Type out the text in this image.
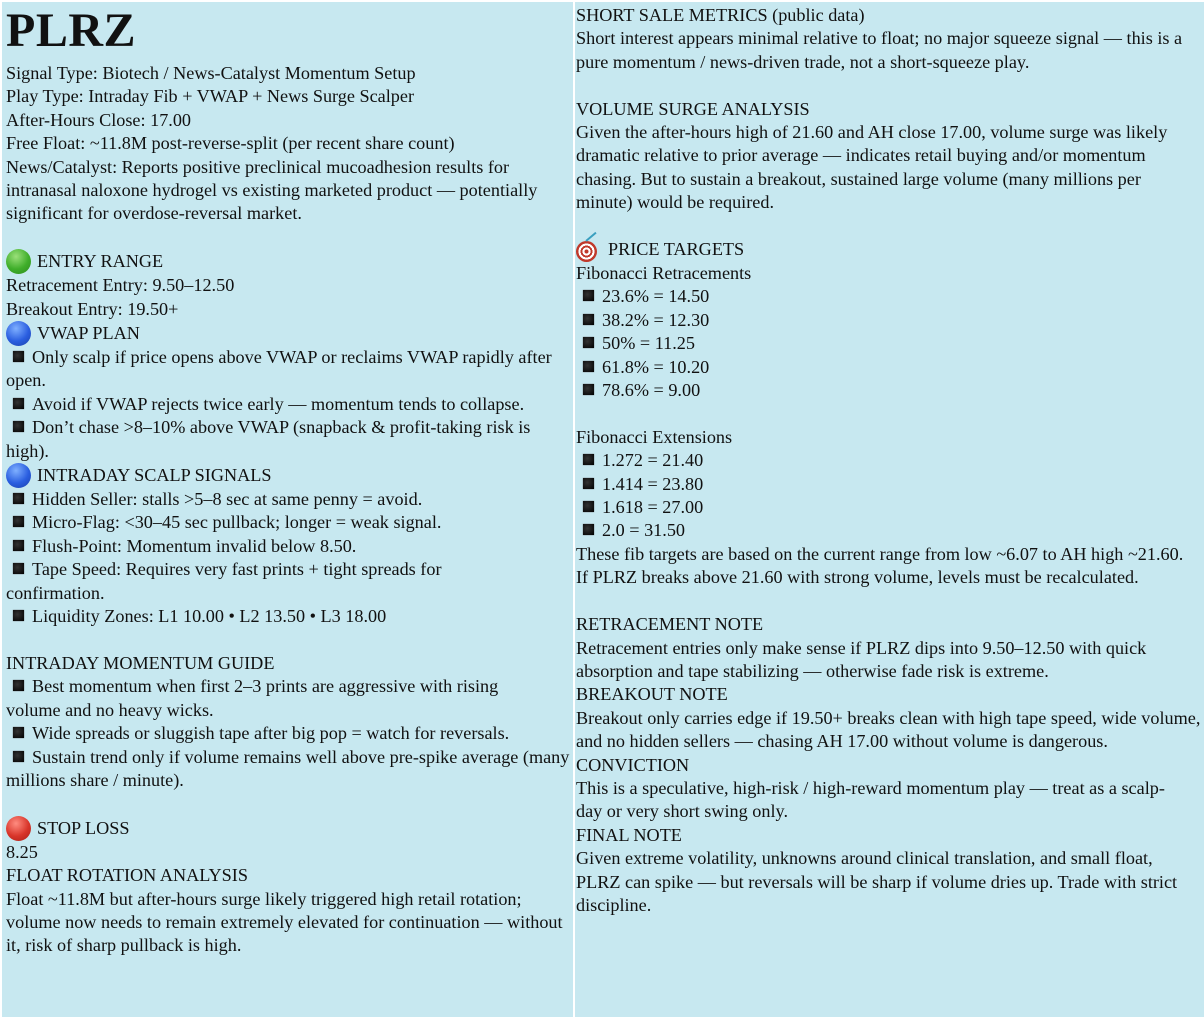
PLRZ
Signal Type: Biotech / News-Catalyst Momentum Setup
Play Type: Intraday Fib + VWAP + News Surge Scalper
After-Hours Close: 17.00
Free Float: ~11.8M post-reverse-split (per recent share count)
News/Catalyst: Reports positive preclinical mucoadhesion results for intranasal naloxone hydrogel vs existing marketed product — potentially significant for overdose-reversal market.
ENTRY RANGE
Retracement Entry: 9.50–12.50
Breakout Entry: 19.50+
VWAP PLAN
Only scalp if price opens above VWAP or reclaims VWAP rapidly after open.
Avoid if VWAP rejects twice early — momentum tends to collapse.
Don’t chase >8–10% above VWAP (snapback & profit-taking risk is high).
INTRADAY SCALP SIGNALS
Hidden Seller: stalls >5–8 sec at same penny = avoid.
Micro-Flag: <30–45 sec pullback; longer = weak signal.
Flush-Point: Momentum invalid below 8.50.
Tape Speed: Requires very fast prints + tight spreads for confirmation.
Liquidity Zones: L1 10.00 • L2 13.50 • L3 18.00
INTRADAY MOMENTUM GUIDE
Best momentum when first 2–3 prints are aggressive with rising volume and no heavy wicks.
Wide spreads or sluggish tape after big pop = watch for reversals.
Sustain trend only if volume remains well above pre-spike average (many millions share / minute).
STOP LOSS
8.25
FLOAT ROTATION ANALYSIS
Float ~11.8M but after-hours surge likely triggered high retail rotation; volume now needs to remain extremely elevated for continuation — without it, risk of sharp pullback is high.
SHORT SALE METRICS (public data)
Short interest appears minimal relative to float; no major squeeze signal — this is a pure momentum / news-driven trade, not a short-squeeze play.
VOLUME SURGE ANALYSIS
Given the after-hours high of 21.60 and AH close 17.00, volume surge was likely dramatic relative to prior average — indicates retail buying and/or momentum chasing. But to sustain a breakout, sustained large volume (many millions per minute) would be required.
PRICE TARGETS
Fibonacci Retracements
23.6% = 14.50
38.2% = 12.30
50% = 11.25
61.8% = 10.20
78.6% = 9.00
Fibonacci Extensions
1.272 = 21.40
1.414 = 23.80
1.618 = 27.00
2.0 = 31.50
These fib targets are based on the current range from low ~6.07 to AH high ~21.60. If PLRZ breaks above 21.60 with strong volume, levels must be recalculated.
RETRACEMENT NOTE
Retracement entries only make sense if PLRZ dips into 9.50–12.50 with quick absorption and tape stabilizing — otherwise fade risk is extreme.
BREAKOUT NOTE
Breakout only carries edge if 19.50+ breaks clean with high tape speed, wide volume, and no hidden sellers — chasing AH 17.00 without volume is dangerous.
CONVICTION
This is a speculative, high-risk / high-reward momentum play — treat as a scalp-day or very short swing only.
FINAL NOTE
Given extreme volatility, unknowns around clinical translation, and small float, PLRZ can spike — but reversals will be sharp if volume dries up. Trade with strict discipline.
